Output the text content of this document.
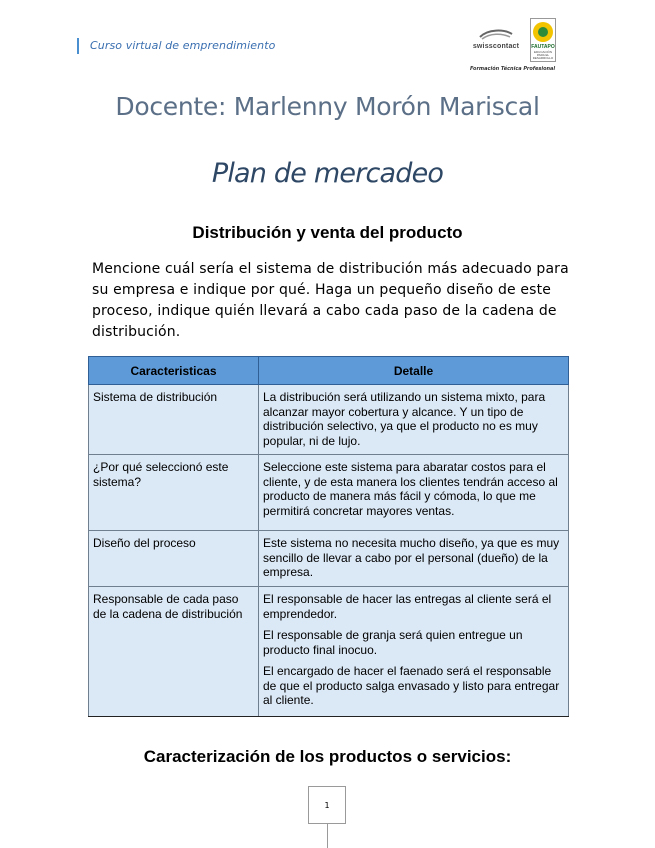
Curso virtual de emprendimiento	swisscontact	FAUTAPO
EDUCACIÓN PARA EL DESARROLLO
Formación Técnica Profesional
Docente: Marlenny Morón Mariscal
Plan de mercadeo
Distribución y venta del producto

Mencione cuál sería el sistema de distribución más adecuado para su empresa e indique por qué. Haga un pequeño diseño de este proceso, indique quién llevará a cabo cada paso de la cadena de distribución.

Caracteristicas	Detalle
Sistema de distribución	La distribución será utilizando un sistema mixto, para alcanzar mayor cobertura y alcance. Y un tipo de distribución selectivo, ya que el producto no es muy popular, ni de lujo.

¿Por qué seleccionó este sistema?	Seleccione este sistema para abaratar costos para el cliente, y de esta manera los clientes tendrán acceso al producto de manera más fácil y cómoda, lo que me permitirá concretar mayores ventas.

Diseño del proceso	Este sistema no necesita mucho diseño, ya que es muy sencillo de llevar a cabo por el personal (dueño) de la empresa.

Responsable de cada paso de la cadena de distribución	El responsable de hacer las entregas al cliente será el emprendedor.

El responsable de granja será quien entregue un producto final inocuo.

El encargado de hacer el faenado será el responsable de que el producto salga envasado y listo para entregar al cliente.

Caracterización de los productos o servicios:
1
